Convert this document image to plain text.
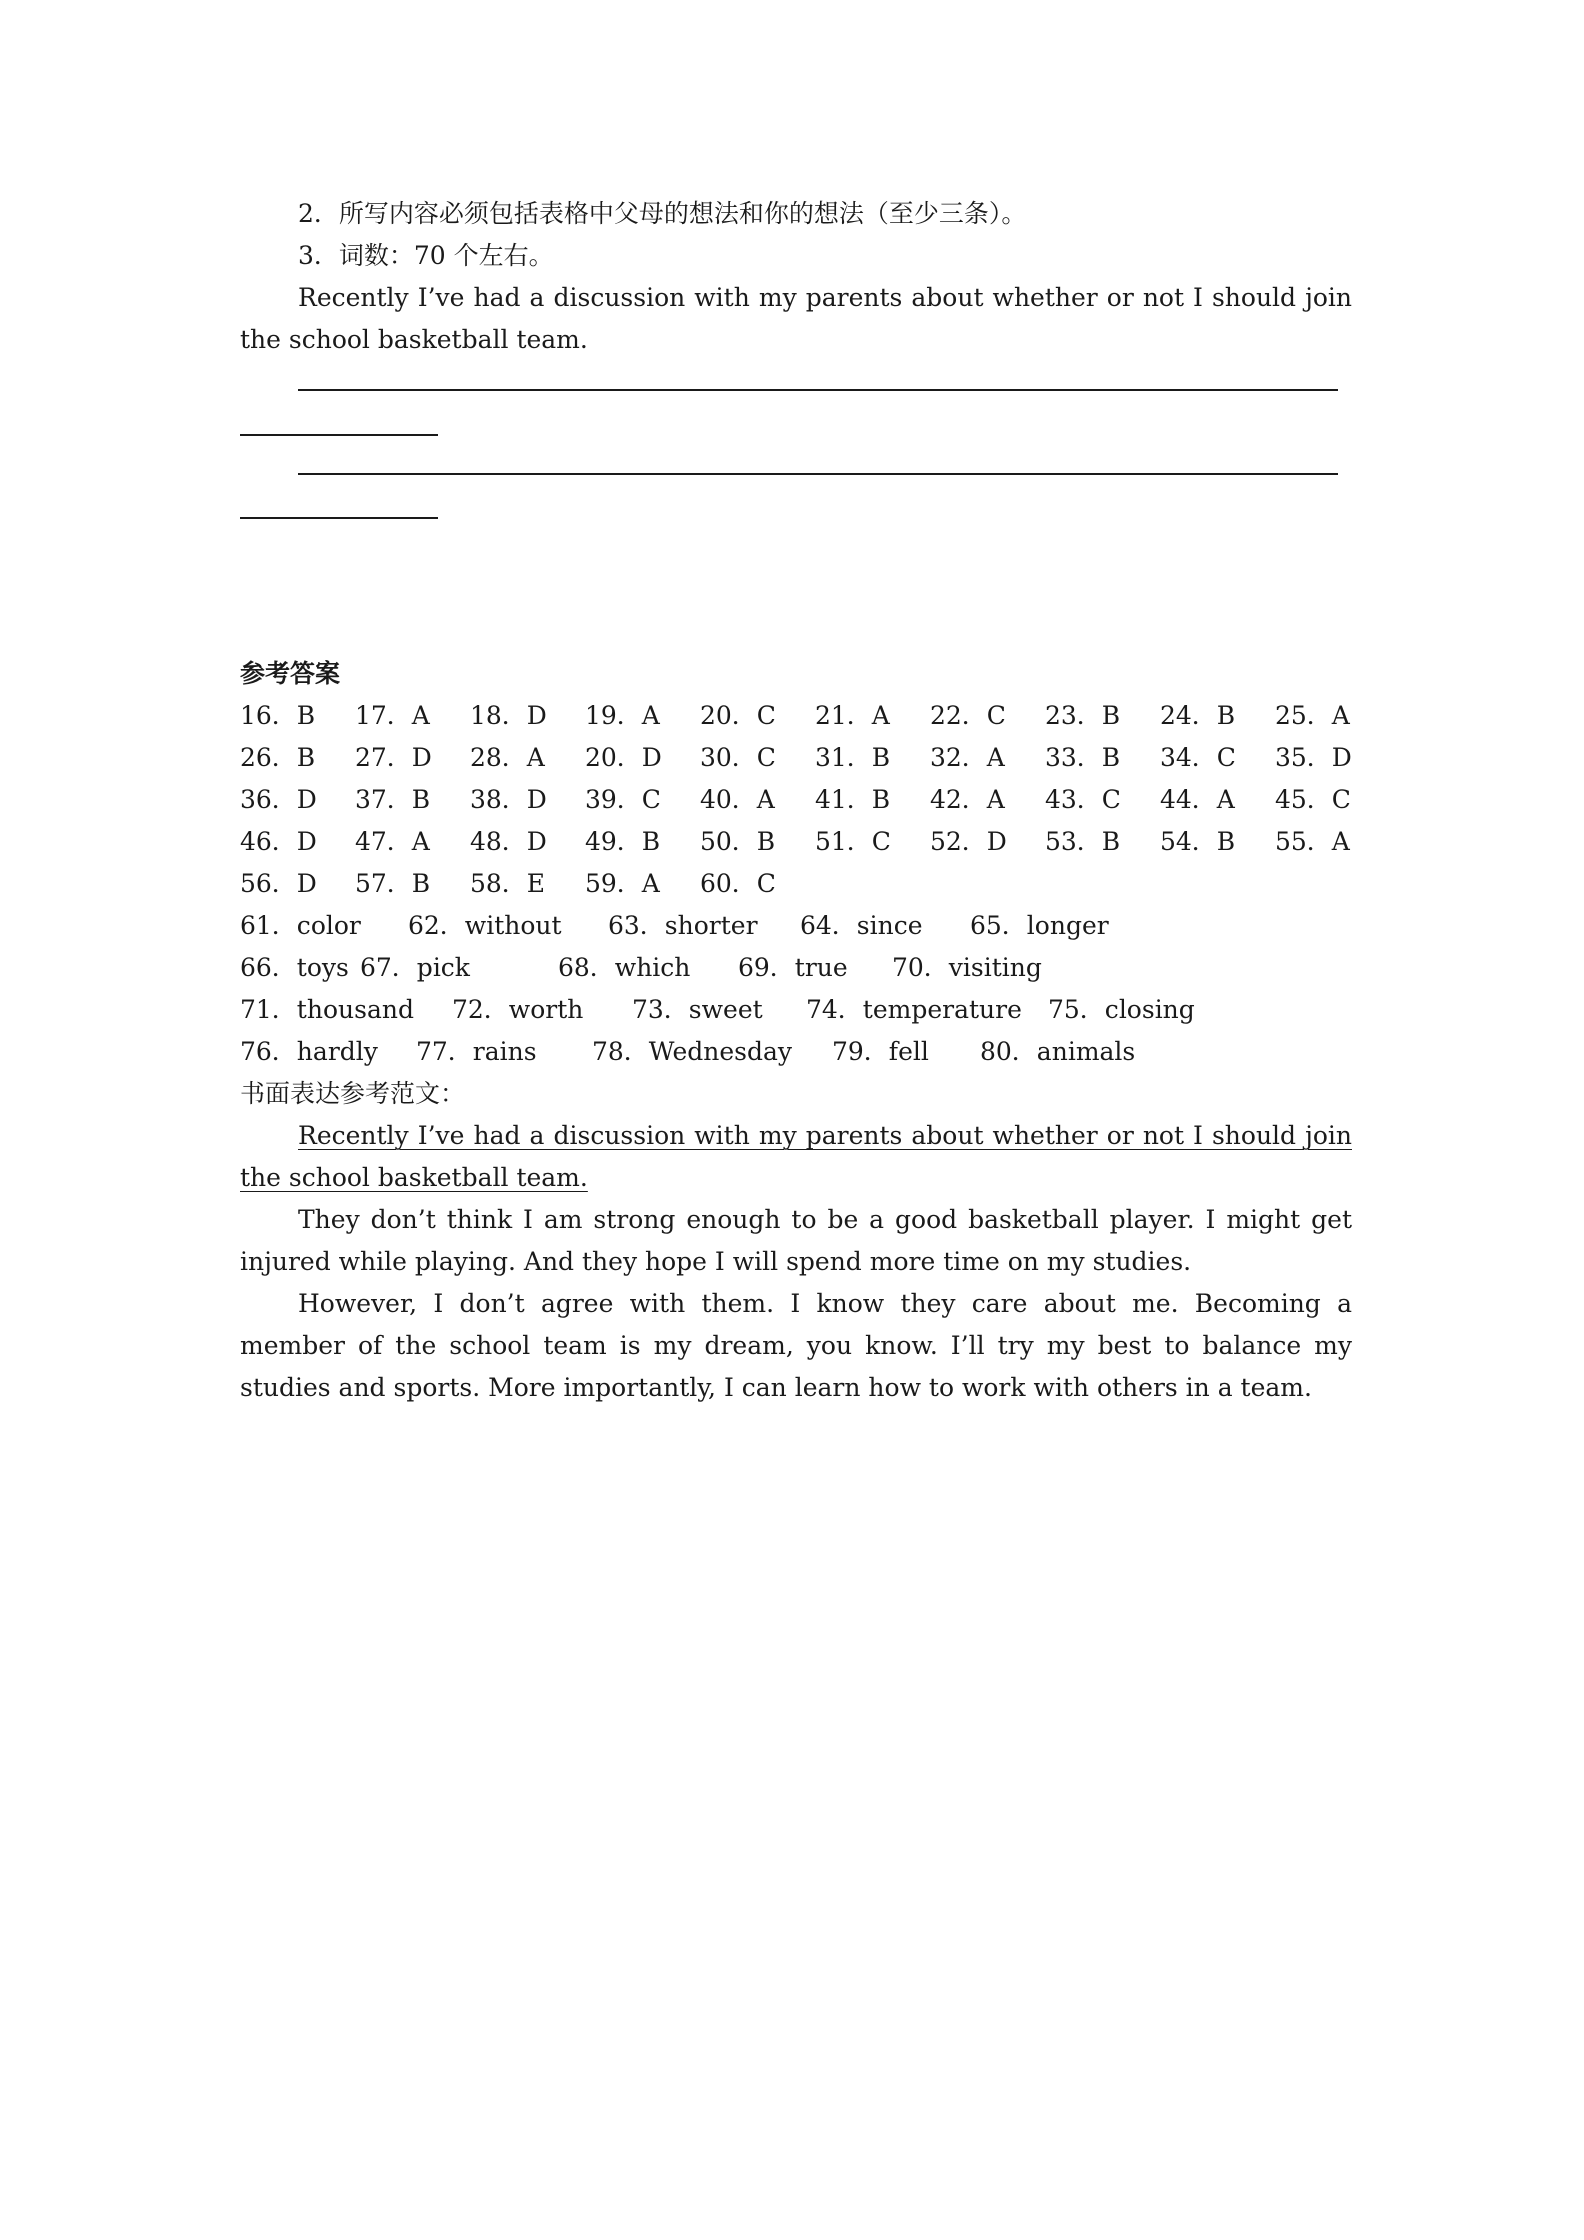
2．所写内容必须包括表格中父母的想法和你的想法（至少三条）。
3．词数：70 个左右。
Recently I’ve had a discussion with my parents about whether or not I should join the school basketball team.
参考答案
16．B 17．A 18．D 19．A 20．C 21．A 22．C 23．B 24．B 25．A
26．B 27．D 28．A 20．D 30．C 31．B 32．A 33．B 34．C 35．D
36．D 37．B 38．D 39．C 40．A 41．B 42．A 43．C 44．A 45．C
46．D 47．A 48．D 49．B 50．B 51．C 52．D 53．B 54．B 55．A
56．D 57．B 58．E 59．A 60．C
61．color 62．without 63．shorter 64．since 65．longer
66．toys 67．pick	68．which 69．true 70．visiting
71．thousand 72．worth 73．sweet 74．temperature 75．closing
76．hardly 77．rains 78．Wednesday 79．fell 80．animals
书面表达参考范文：
Recently I’ve had a discussion with my parents about whether or not I should join the school basketball team.
They don’t think I am strong enough to be a good basketball player. I might get injured while playing. And they hope I will spend more time on my studies.
However, I don’t agree with them. I know they care about me. Becoming a member of the school team is my dream, you know. I’ll try my best to balance my studies and sports. More importantly, I can learn how to work with others in a team.
